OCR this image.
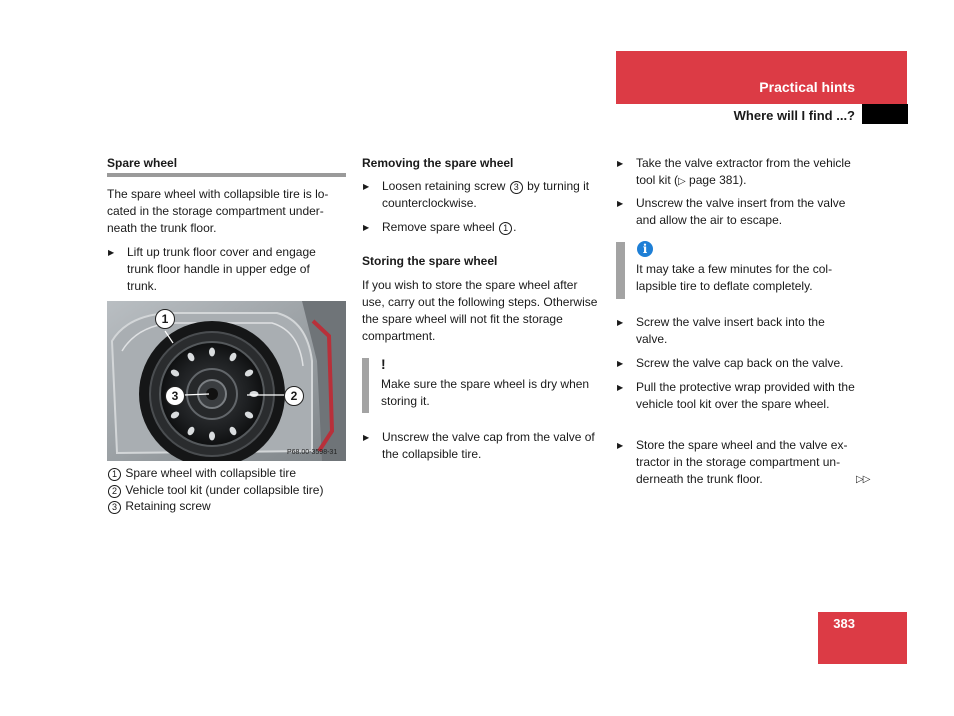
Practical hints
Where will I find ...?
Spare wheel
The spare wheel with collapsible tire is lo-cated in the storage compartment under-neath the trunk floor.
▶ Lift up trunk floor cover and engage trunk floor handle in upper edge of trunk.
1
2
3
P68.00-3598-31
1 Spare wheel with collapsible tire
2 Vehicle tool kit (under collapsible tire)
3 Retaining screw
Removing the spare wheel
▶ Loosen retaining screw 3 by turning it counterclockwise.
▶ Remove spare wheel 1 .
Storing the spare wheel
If you wish to store the spare wheel after use, carry out the following steps. Otherwise the spare wheel will not fit the storage compartment.
!
Make sure the spare wheel is dry when storing it.
▶ Unscrew the valve cap from the valve of the collapsible tire.
▶ Take the valve extractor from the vehicle tool kit (▷ page 381).
▶ Unscrew the valve insert from the valve and allow the air to escape.
i
It may take a few minutes for the col-lapsible tire to deflate completely.
▶ Screw the valve insert back into the valve.
▶ Screw the valve cap back on the valve.
▶ Pull the protective wrap provided with the vehicle tool kit over the spare wheel.
▶ Store the spare wheel and the valve ex-tractor in the storage compartment un-derneath the trunk floor.	▷▷
383
